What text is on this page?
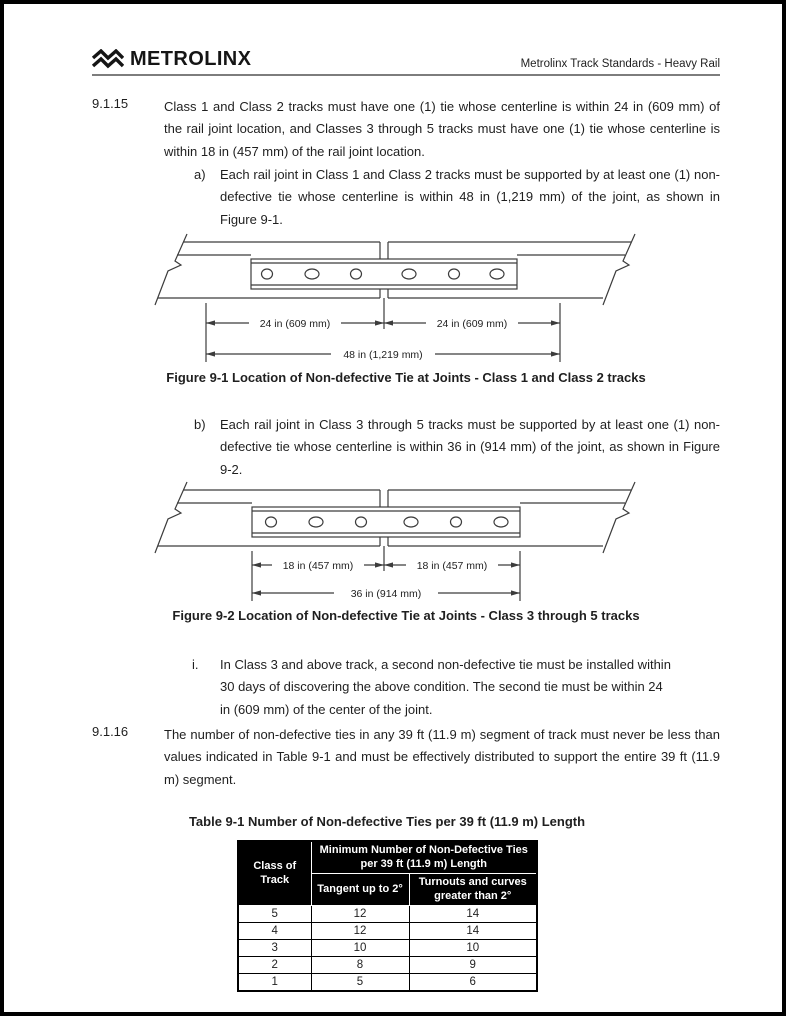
METROLINX	Metrolinx Track Standards - Heavy Rail
9.1.15	Class 1 and Class 2 tracks must have one (1) tie whose centerline is within 24 in (609 mm) of the rail joint location, and Classes 3 through 5 tracks must have one (1) tie whose centerline is within 18 in (457 mm) of the rail joint location.
a) Each rail joint in Class 1 and Class 2 tracks must be supported by at least one (1) non-defective tie whose centerline is within 48 in (1,219 mm) of the joint, as shown in Figure 9-1.
24 in (609 mm)	24 in (609 mm)
48 in (1,219 mm)
Figure 9-1 Location of Non-defective Tie at Joints - Class 1 and Class 2 tracks
b) Each rail joint in Class 3 through 5 tracks must be supported by at least one (1) non-defective tie whose centerline is within 36 in (914 mm) of the joint, as shown in Figure 9-2.
18 in (457 mm)	18 in (457 mm)
36 in (914 mm)
Figure 9-2 Location of Non-defective Tie at Joints - Class 3 through 5 tracks
i. In Class 3 and above track, a second non-defective tie must be installed within 30 days of discovering the above condition. The second tie must be within 24 in (609 mm) of the center of the joint.
9.1.16	The number of non-defective ties in any 39 ft (11.9 m) segment of track must never be less than values indicated in Table 9-1 and must be effectively distributed to support the entire 39 ft (11.9 m) segment.
Table 9-1 Number of Non-defective Ties per 39 ft (11.9 m) Length
Class of Track	Minimum Number of Non-Defective Ties per 39 ft (11.9 m) Length	
	Tangent up to 2°	Turnouts and curves greater than 2°
5	12	14
4	12	14
3	10	10
2	8	9
1	5	6
